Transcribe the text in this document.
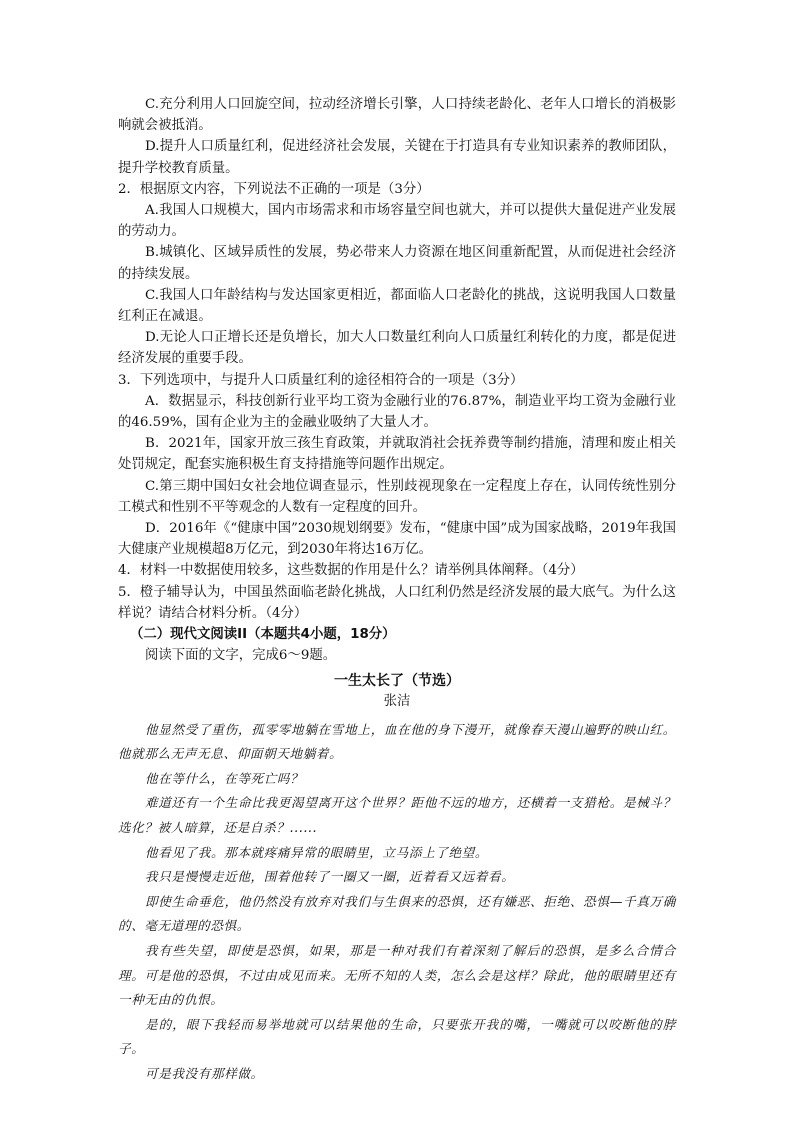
C.充分利用人口回旋空间，拉动经济增长引擎，人口持续老龄化、老年人口增长的消极影响就会被抵消。

D.提升人口质量红利，促进经济社会发展，关键在于打造具有专业知识素养的教师团队，提升学校教育质量。

2．根据原文内容，下列说法不正确的一项是（3分）

A.我国人口规模大，国内市场需求和市场容量空间也就大，并可以提供大量促进产业发展的劳动力。

B.城镇化、区域异质性的发展，势必带来人力资源在地区间重新配置，从而促进社会经济的持续发展。

C.我国人口年龄结构与发达国家更相近，都面临人口老龄化的挑战，这说明我国人口数量红利正在减退。

D.无论人口正增长还是负增长，加大人口数量红利向人口质量红利转化的力度，都是促进经济发展的重要手段。

3．下列选项中，与提升人口质量红利的途径相符合的一项是（3分）

A．数据显示，科技创新行业平均工资为金融行业的76.87%，制造业平均工资为金融行业的46.59%，国有企业为主的金融业吸纳了大量人才。

B．2021年，国家开放三孩生育政策，并就取消社会抚养费等制约措施，清理和废止相关处罚规定，配套实施积极生育支持措施等问题作出规定。

C.第三期中国妇女社会地位调查显示，性别歧视现象在一定程度上存在，认同传统性别分工模式和性别不平等观念的人数有一定程度的回升。

D．2016年《“健康中国”2030规划纲要》发布，“健康中国”成为国家战略，2019年我国大健康产业规模超8万亿元，到2030年将达16万亿。

4．材料一中数据使用较多，这些数据的作用是什么？请举例具体阐释。（4分）

5．橙子辅导认为，中国虽然面临老龄化挑战，人口红利仍然是经济发展的最大底气。为什么这样说？请结合材料分析。（4分）

（二）现代文阅读II（本题共4小题，18分）

阅读下面的文字，完成6～9题。

一生太长了（节选）

张洁

他显然受了重伤，孤零零地躺在雪地上，血在他的身下漫开，就像春天漫山遍野的映山红。他就那么无声无息、仰面朝天地躺着。

他在等什么，在等死亡吗？

难道还有一个生命比我更渴望离开这个世界？距他不远的地方，还横着一支猎枪。是械斗？选化？被人暗算，还是自杀？......

他看见了我。那本就疼痛异常的眼睛里，立马添上了绝望。

我只是慢慢走近他，围着他转了一圈又一圈，近着看又远着看。

即使生命垂危，他仍然没有放弃对我们与生俱来的恐惧，还有嫌恶、拒绝、恐惧—千真万确的、毫无道理的恐惧。

我有些失望，即使是恐惧，如果，那是一种对我们有着深刻了解后的恐惧，是多么合情合理。可是他的恐惧，不过由成见而来。无所不知的人类，怎么会是这样？除此，他的眼睛里还有一种无由的仇恨。

是的，眼下我轻而易举地就可以结果他的生命，只要张开我的嘴，一嘴就可以咬断他的脖子。

可是我没有那样做。
